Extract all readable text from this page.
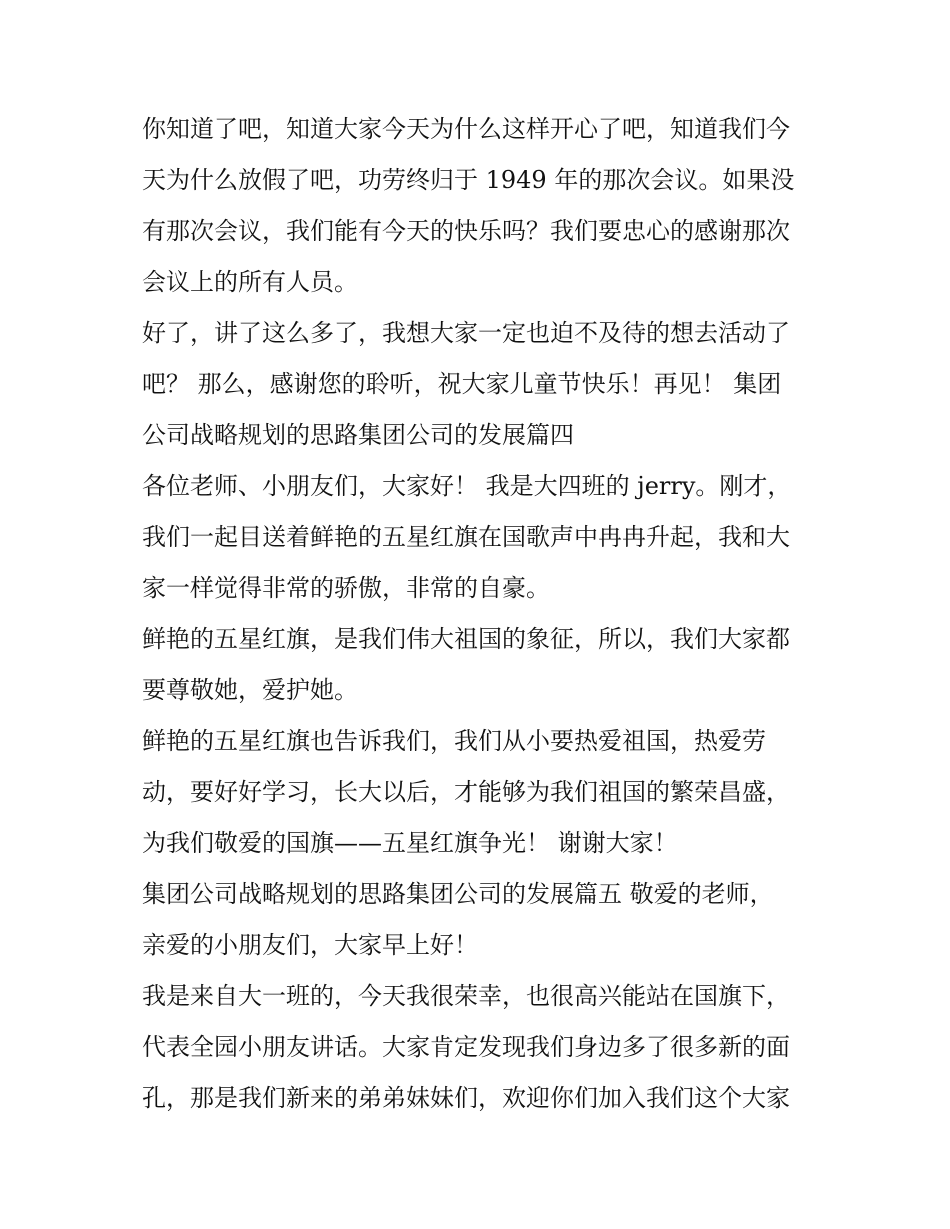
你知道了吧，知道大家今天为什么这样开心了吧，知道我们今
天为什么放假了吧，功劳终归于 1949 年的那次会议。如果没
有那次会议，我们能有今天的快乐吗？我们要忠心的感谢那次
会议上的所有人员。
好了，讲了这么多了，我想大家一定也迫不及待的想去活动了
吧？ 那么，感谢您的聆听，祝大家儿童节快乐！再见！ 集团
公司战略规划的思路集团公司的发展篇四
各位老师、小朋友们，大家好！ 我是大四班的 jerry。刚才，
我们一起目送着鲜艳的五星红旗在国歌声中冉冉升起，我和大
家一样觉得非常的骄傲，非常的自豪。
鲜艳的五星红旗，是我们伟大祖国的象征，所以，我们大家都
要尊敬她，爱护她。
鲜艳的五星红旗也告诉我们，我们从小要热爱祖国，热爱劳
动，要好好学习，长大以后，才能够为我们祖国的繁荣昌盛，
为我们敬爱的国旗——五星红旗争光！ 谢谢大家！
集团公司战略规划的思路集团公司的发展篇五 敬爱的老师，
亲爱的小朋友们，大家早上好！
我是来自大一班的，今天我很荣幸，也很高兴能站在国旗下，
代表全园小朋友讲话。大家肯定发现我们身边多了很多新的面
孔，那是我们新来的弟弟妹妹们，欢迎你们加入我们这个大家
